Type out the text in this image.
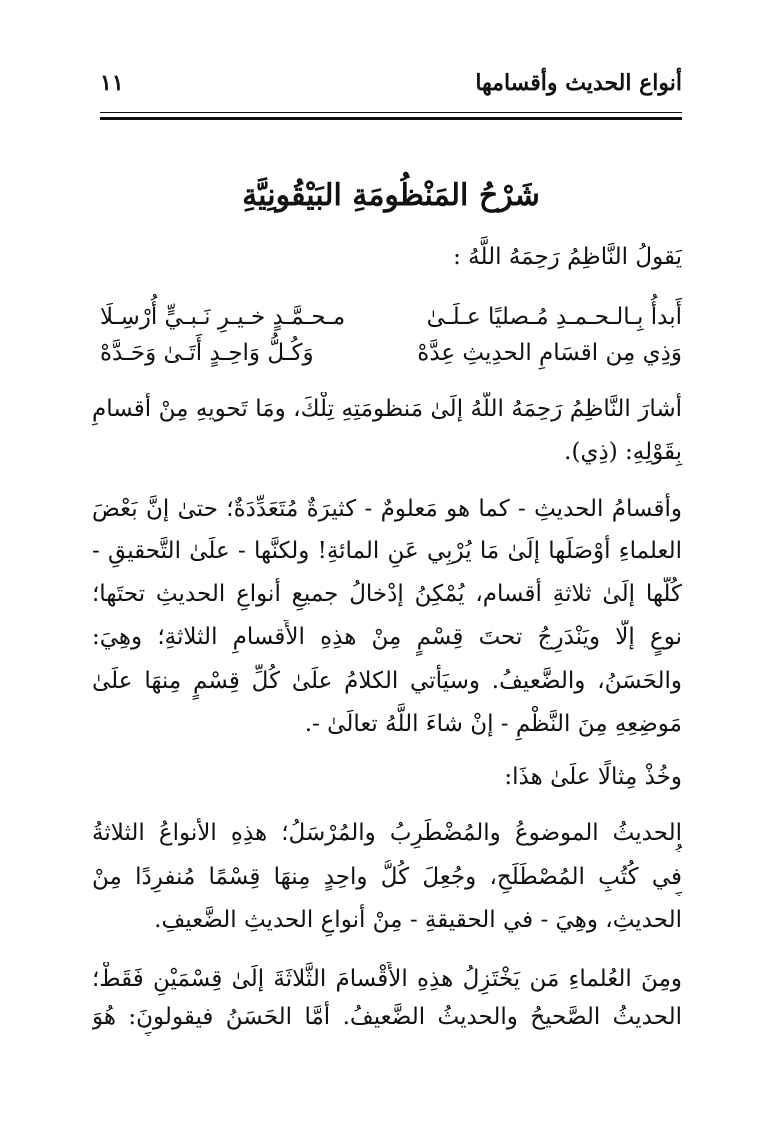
أنواع الحديث وأقسامها
١١
شَرْحُ المَنْظُومَةِ البَيْقُونِيَّةِ
يَقولُ النَّاظِمُ رَحِمَهُ اللَّهُ :
أَبدأُ بِـالـحـمـدِ مُـصليًا عـلَـىٰ
مـحـمَّـدٍ خـيـرِ نَـبـيٍّ أُرْسِـلَا
وَذِي مِن اقسَامِ الحدِيثِ عِدَّهْ
وَكُـلُّ وَاحِـدٍ أَتَـىٰ وَحَـدَّهْ
أَشارَ النَّاظِمُ رَحِمَهُ اللَّهُ إلَىٰ مَنظومَتِهِ تِلْكَ، ومَا تَحويهِ مِنْ أَقسامِ
بِقَوْلِهِ: (ذِي).
وأَقسامُ الحديثِ - كما هو مَعلومٌ - كثيرَةٌ مُتَعَدِّدَةٌ؛ حتىٰ إنَّ بَعْضَ
العلماءِ أوْصَلَها إلَىٰ مَا يُرْبِي عَنِ المائةِ! ولكنَّها - علَىٰ التَّحقيقِ -
كُلُّها إلَىٰ ثلاثةِ أقسام، يُمْكِنُ إدْخالُ جميعِ أنواعِ الحديثِ تحتَها؛
نوعٍ إلَّا ويَنْدَرِجُ تحتَ قِسْمٍ مِنْ هذِهِ الأَقسامِ الثلاثةِ؛ وهِيَ:
والحَسَنُ، والضَّعيفُ. وسيَأْتي الكلامُ علَىٰ كُلِّ قِسْمٍ مِنهَا علَىٰ
مَوضِعِهِ مِنَ النَّظْمِ - إنْ شاءَ اللَّهُ تعالَىٰ -.
وخُذْ مِثالًا علَىٰ هذَا:
الحديثُ الموضوعُ والمُضْطَرِبُ والمُرْسَلُ؛ هذِهِ الأنواعُ الثلاثةُ
في كُتُبِ المُصْطَلَحِ، وجُعِلَ كُلُّ واحِدٍ مِنهَا قِسْمًا مُنفرِدًا مِنْ
الحديثِ، وهِيَ - في الحقيقةِ - مِنْ أنواعِ الحديثِ الضَّعيفِ.
ومِنَ العُلماءِ مَن يَخْتَزِلُ هذِهِ الأَقْسامَ الثَّلاثَةَ إلَىٰ قِسْمَيْنِ فَقَطْ؛
الحديثُ الصَّحيحُ والحديثُ الضَّعيفُ. أمَّا الحَسَنُ فيقولونَ: هُوَ
